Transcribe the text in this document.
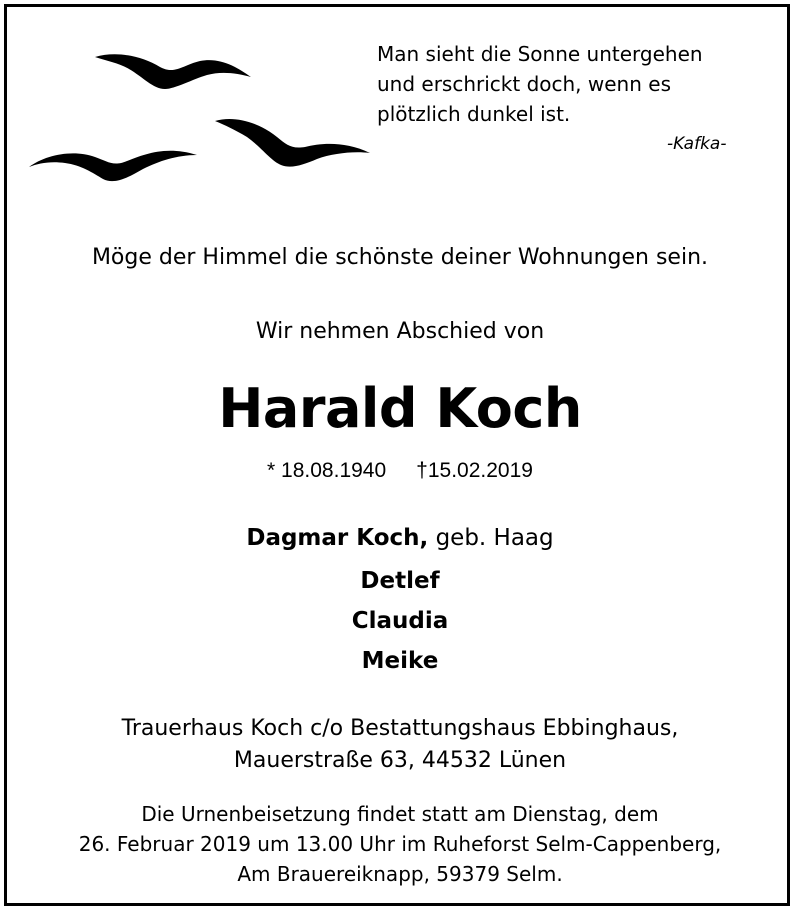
Man sieht die Sonne untergehen
und erschrickt doch, wenn es
plötzlich dunkel ist.
-Kafka-
Möge der Himmel die schönste deiner Wohnungen sein.
Wir nehmen Abschied von
Harald Koch
* 18.08.1940 †15.02.2019
Dagmar Koch, geb. Haag
Detlef
Claudia
Meike
Trauerhaus Koch c/o Bestattungshaus Ebbinghaus,
Mauerstraße 63, 44532 Lünen
Die Urnenbeisetzung findet statt am Dienstag, dem
26. Februar 2019 um 13.00 Uhr im Ruheforst Selm-Cappenberg,
Am Brauereiknapp, 59379 Selm.
